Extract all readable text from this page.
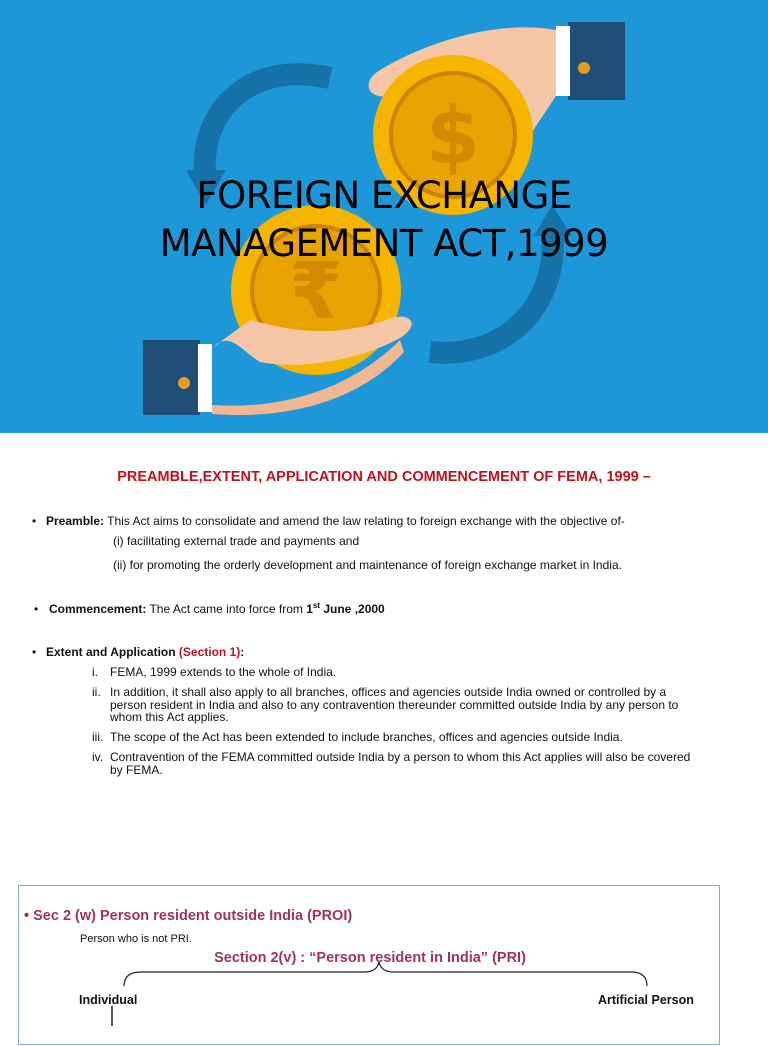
$
₹
FOREIGN EXCHANGE
MANAGEMENT ACT,1999
PREAMBLE,EXTENT, APPLICATION AND COMMENCEMENT OF FEMA, 1999 –
• Preamble: This Act aims to consolidate and amend the law relating to foreign exchange with the objective of-
(i) facilitating external trade and payments and
(ii) for promoting the orderly development and maintenance of foreign exchange market in India.
• Commencement: The Act came into force from 1st June ,2000
• Extent and Application (Section 1):
i.	FEMA, 1999 extends to the whole of India.
ii. In addition, it shall also apply to all branches, offices and agencies outside India owned or controlled by a person resident in India and also to any contravention thereunder committed outside India by any person to whom this Act applies.
iii. The scope of the Act has been extended to include branches, offices and agencies outside India.
iv. Contravention of the FEMA committed outside India by a person to whom this Act applies will also be covered by FEMA.
• Sec 2 (w) Person resident outside India (PROI)
Person who is not PRI.
Section 2(v) : “Person resident in India” (PRI)
Individual	Artificial Person
